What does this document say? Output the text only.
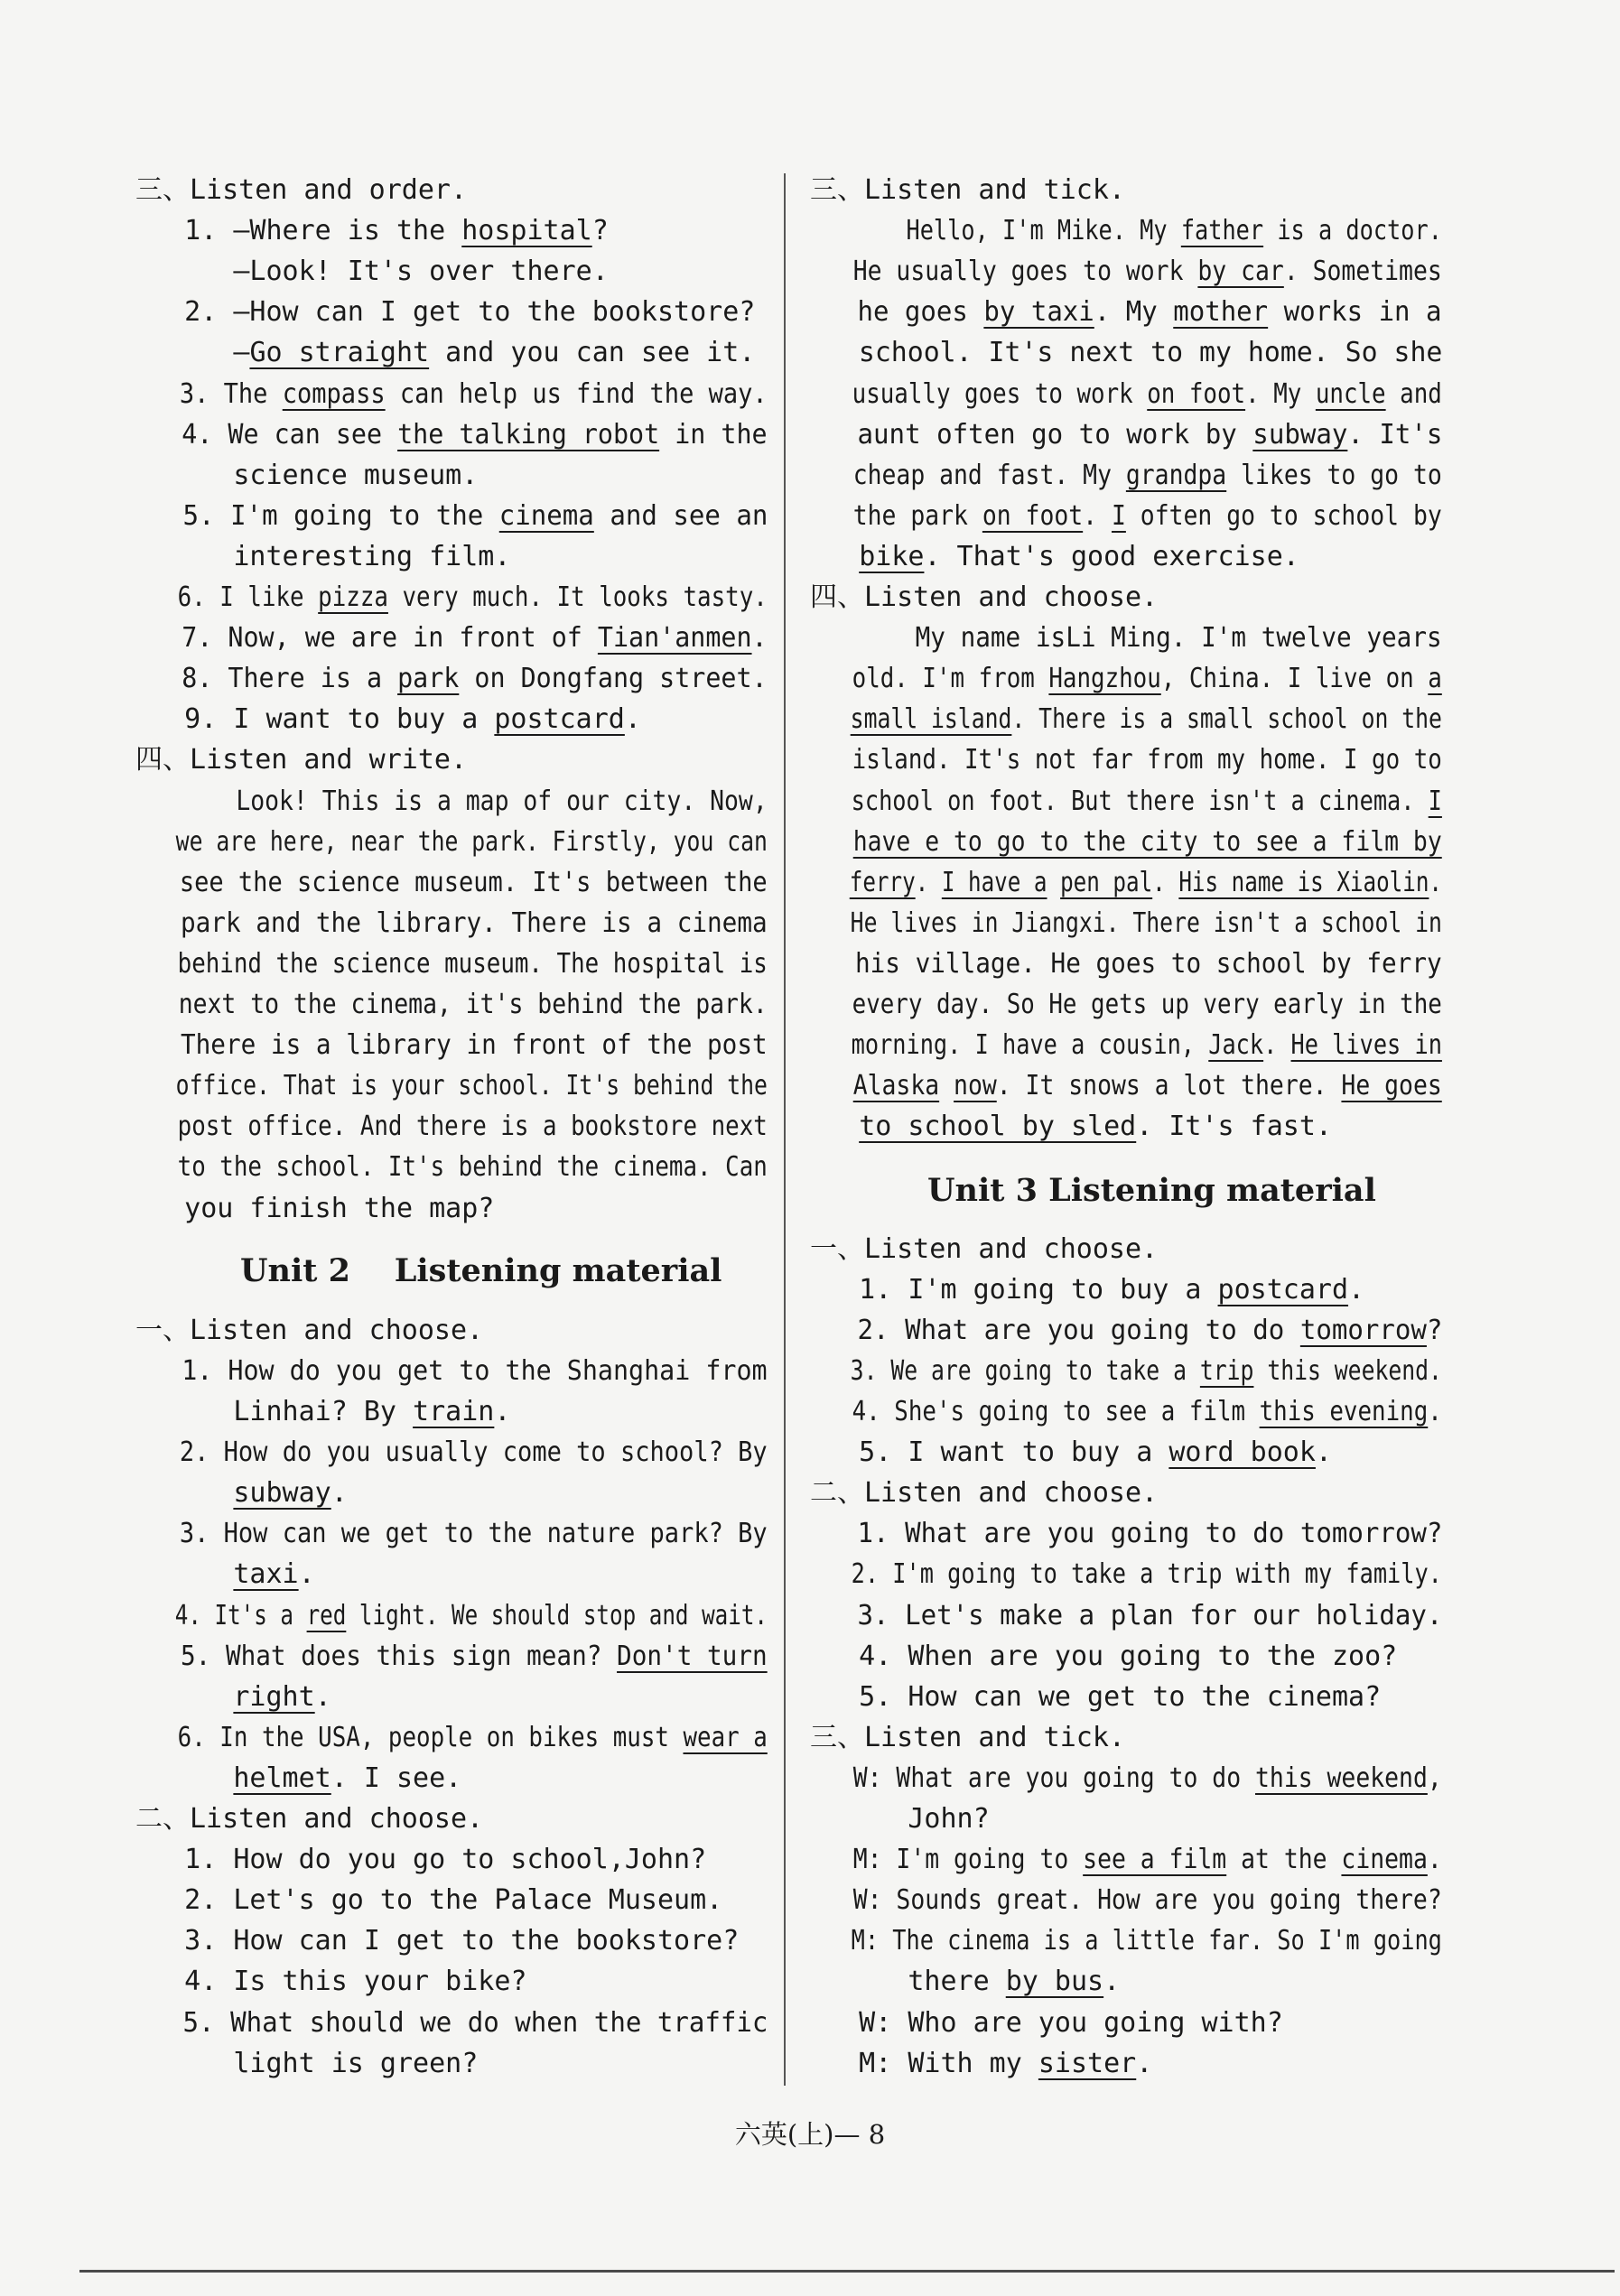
Unit 2    Listening material
三、Listen and order.
1. —Where is the hospital?
—Look! It's over there.
2. —How can I get to the bookstore?
—Go straight and you can see it.
3. The compass can help us find the way.
4. We can see the talking robot in the
science museum.
5. I'm going to the cinema and see an
interesting film.
6. I like pizza very much. It looks tasty.
7. Now, we are in front of Tian'anmen.
8. There is a park on Dongfang street.
9. I want to buy a postcard.
四、Listen and write.
Look! This is a map of our city. Now,
we are here, near the park. Firstly, you can
see the science museum. It's between the
park and the library. There is a cinema
behind the science museum. The hospital is
next to the cinema, it's behind the park.
There is a library in front of the post
office. That is your school. It's behind the
post office. And there is a bookstore next
to the school. It's behind the cinema. Can
you finish the map?
一、Listen and choose.
1. How do you get to the Shanghai from
Linhai? By train.
2. How do you usually come to school? By
subway.
3. How can we get to the nature park? By
taxi.
4. It's a red light. We should stop and wait.
5. What does this sign mean? Don't turn
right.
6. In the USA, people on bikes must wear a
helmet. I see.
二、Listen and choose.
1. How do you go to school,John?
2. Let's go to the Palace Museum.
3. How can I get to the bookstore?
4. Is this your bike?
5. What should we do when the traffic
light is green?
Unit 3 Listening material
三、Listen and tick.
Hello, I'm Mike. My father is a doctor.
He usually goes to work by car. Sometimes
he goes by taxi. My mother works in a
school. It's next to my home. So she
usually goes to work on foot. My uncle and
aunt often go to work by subway. It's
cheap and fast. My grandpa likes to go to
the park on foot. I often go to school by
bike. That's good exercise.
四、Listen and choose.
My name isLi Ming. I'm twelve years
old. I'm from Hangzhou, China. I live on a
small island. There is a small school on the
island. It's not far from my home. I go to
school on foot. But there isn't a cinema. I
have e to go to the city to see a film by
ferry. I have a pen pal. His name is Xiaolin.
He lives in Jiangxi. There isn't a school in
his village. He goes to school by ferry
every day. So He gets up very early in the
morning. I have a cousin, Jack. He lives in
Alaska now. It snows a lot there. He goes
to school by sled. It's fast.
一、Listen and choose.
1. I'm going to buy a postcard.
2. What are you going to do tomorrow?
3. We are going to take a trip this weekend.
4. She's going to see a film this evening.
5. I want to buy a word book.
二、Listen and choose.
1. What are you going to do tomorrow?
2. I'm going to take a trip with my family.
3. Let's make a plan for our holiday.
4. When are you going to the zoo?
5. How can we get to the cinema?
三、Listen and tick.
W: What are you going to do this weekend,
John?
M: I'm going to see a film at the cinema.
W: Sounds great. How are you going there?
M: The cinema is a little far. So I'm going
there by bus.
W: Who are you going with?
M: With my sister.
六英(上)— 8
